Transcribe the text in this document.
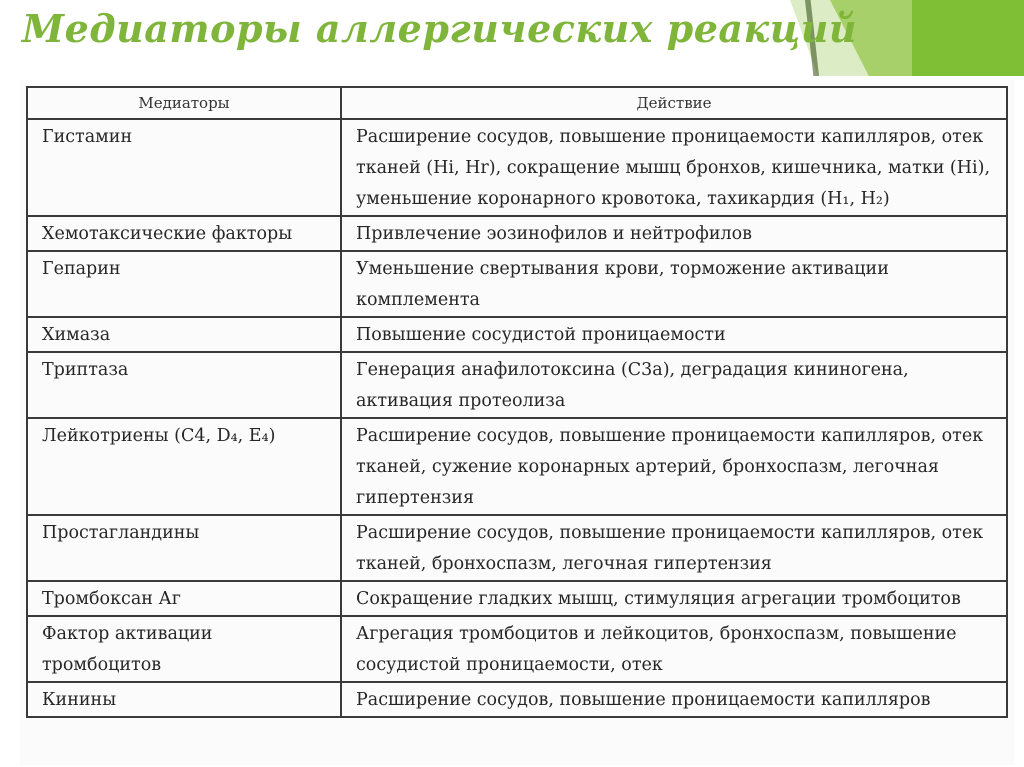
Медиаторы аллергических реакций
Медиаторы	Действие
Гистамин	Расширение сосудов, повышение проницаемости капилляров, отек тканей (Hi, Hr), сокращение мышц бронхов, кишечника, матки (Hi), уменьшение коронарного кровотока, тахикардия (H₁, H₂)
Хемотаксические факторы	Привлечение эозинофилов и нейтрофилов
Гепарин	Уменьшение свертывания крови, торможение активации комплемента
Химаза	Повышение сосудистой проницаемости
Триптаза	Генерация анафилотоксина (C3a), деградация кининогена, активация протеолиза
Лейкотриены (C4, D₄, E₄)	Расширение сосудов, повышение проницаемости капилляров, отек тканей, сужение коронарных артерий, бронхоспазм, легочная гипертензия
Простагландины	Расширение сосудов, повышение проницаемости капилляров, отек тканей, бронхоспазм, легочная гипертензия
Тромбоксан Аг	Сокращение гладких мышц, стимуляция агрегации тромбоцитов
Фактор активации тромбоцитов	Агрегация тромбоцитов и лейкоцитов, бронхоспазм, повышение сосудистой проницаемости, отек
Кинины	Расширение сосудов, повышение проницаемости капилляров
